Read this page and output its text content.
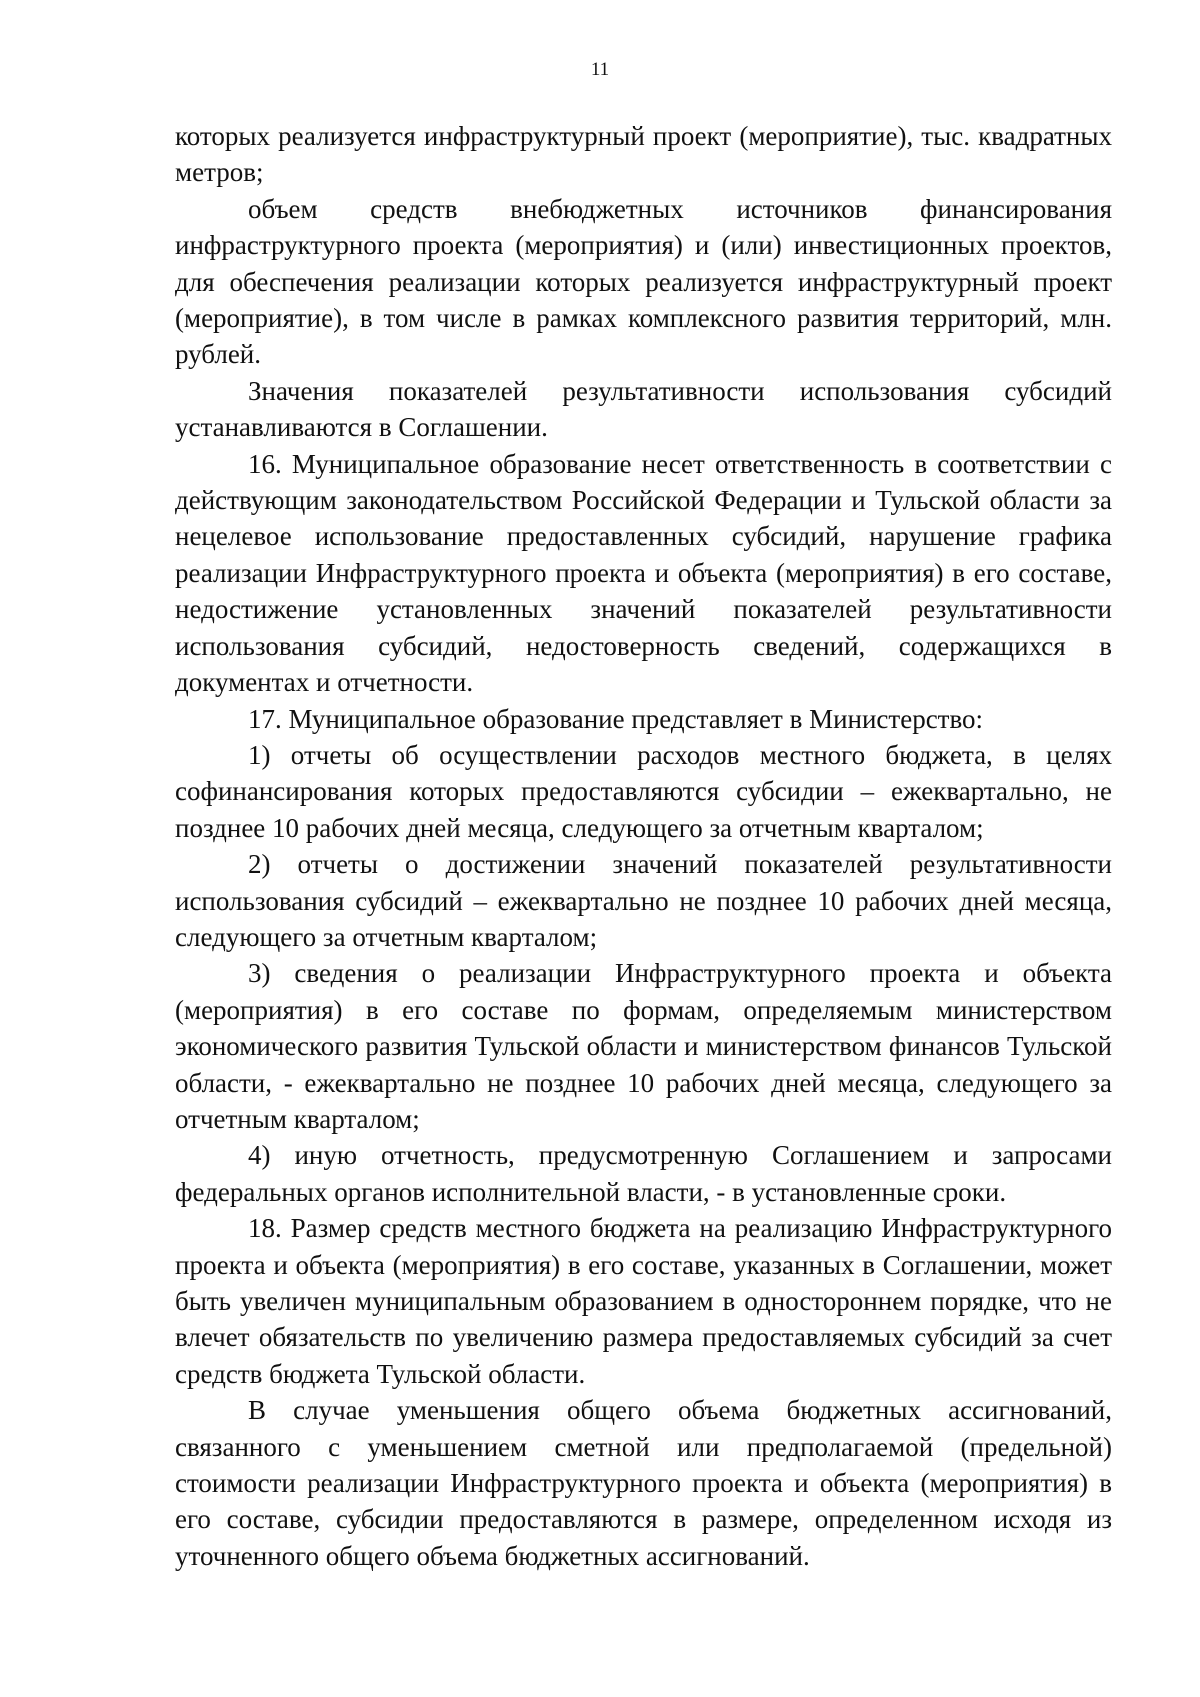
11

которых реализуется инфраструктурный проект (мероприятие), тыс. квадратных метров;

объем средств внебюджетных источников финансирования инфраструктурного проекта (мероприятия) и (или) инвестиционных проектов, для обеспечения реализации которых реализуется инфраструктурный проект (мероприятие), в том числе в рамках комплексного развития территорий, млн. рублей.

Значения показателей результативности использования субсидий устанавливаются в Соглашении.

16. Муниципальное образование несет ответственность в соответствии с действующим законодательством Российской Федерации и Тульской области за нецелевое использование предоставленных субсидий, нарушение графика реализации Инфраструктурного проекта и объекта (мероприятия) в его составе, недостижение установленных значений показателей результативности использования субсидий, недостоверность сведений, содержащихся в документах и отчетности.

17. Муниципальное образование представляет в Министерство:

1) отчеты об осуществлении расходов местного бюджета, в целях софинансирования которых предоставляются субсидии – ежеквартально, не позднее 10 рабочих дней месяца, следующего за отчетным кварталом;

2) отчеты о достижении значений показателей результативности использования субсидий – ежеквартально не позднее 10 рабочих дней месяца, следующего за отчетным кварталом;

3) сведения о реализации Инфраструктурного проекта и объекта (мероприятия) в его составе по формам, определяемым министерством экономического развития Тульской области и министерством финансов Тульской области, - ежеквартально не позднее 10 рабочих дней месяца, следующего за отчетным кварталом;

4) иную отчетность, предусмотренную Соглашением и запросами федеральных органов исполнительной власти, - в установленные сроки.

18. Размер средств местного бюджета на реализацию Инфраструктурного проекта и объекта (мероприятия) в его составе, указанных в Соглашении, может быть увеличен муниципальным образованием в одностороннем порядке, что не влечет обязательств по увеличению размера предоставляемых субсидий за счет средств бюджета Тульской области.

В случае уменьшения общего объема бюджетных ассигнований, связанного с уменьшением сметной или предполагаемой (предельной) стоимости реализации Инфраструктурного проекта и объекта (мероприятия) в его составе, субсидии предоставляются в размере, определенном исходя из уточненного общего объема бюджетных ассигнований.
